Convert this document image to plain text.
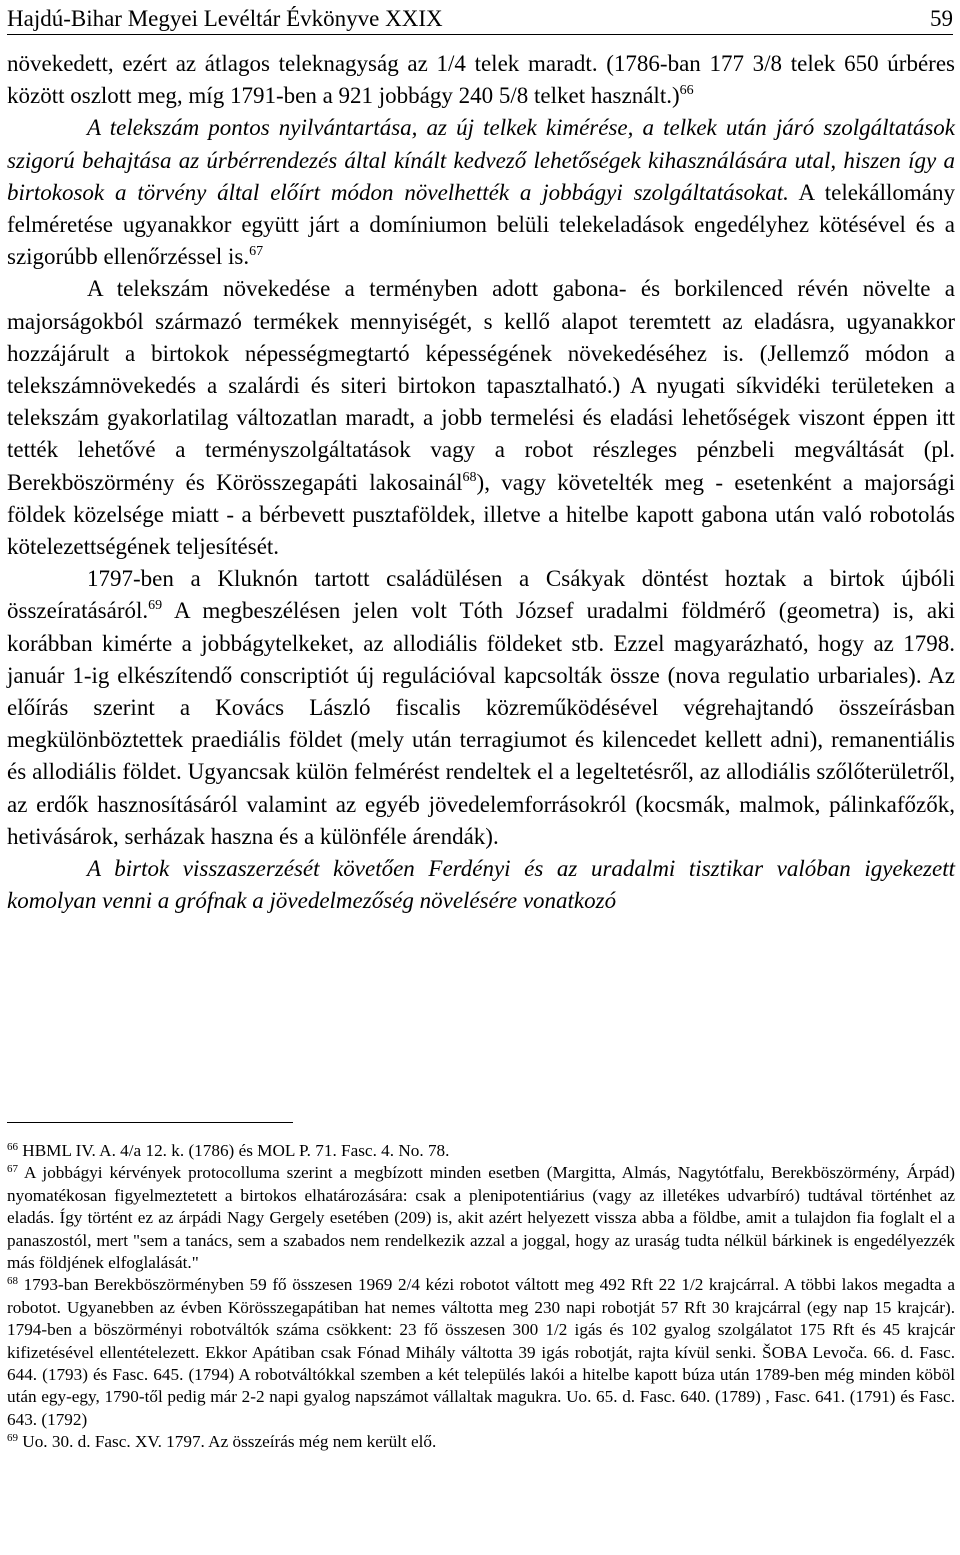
Hajdú-Bihar Megyei Levéltár Évkönyve XXIX	59

növekedett, ezért az átlagos teleknagyság az 1/4 telek maradt. (1786-ban 177 3/8 telek 650 úrbéres között oszlott meg, míg 1791-ben a 921 jobbágy 240 5/8 telket használt.)$^{66}$

A telekszám pontos nyilvántartása, az új telkek kimérése, a telkek után járó szolgáltatások szigorú behajtása az úrbérrendezés által kínált kedvező lehetőségek kihasználására utal, hiszen így a birtokosok a törvény által előírt módon növelhették a jobbágyi szolgáltatásokat. A telekállomány felméretése ugyanakkor együtt járt a domíniumon belüli telekeladások engedélyhez kötésével és a szigorúbb ellenőrzéssel is.$^{67}$

A telekszám növekedése a terményben adott gabona- és borkilenced révén növelte a majorságokból származó termékek mennyiségét, s kellő alapot teremtett az eladásra, ugyanakkor hozzájárult a birtokok népességmegtartó képességének növekedéséhez is. (Jellemző módon a telekszámnövekedés a szalárdi és siteri birtokon tapasztalható.) A nyugati síkvidéki területeken a telekszám gyakorlatilag változatlan maradt, a jobb termelési és eladási lehetőségek viszont éppen itt tették lehetővé a terményszolgáltatások vagy a robot részleges pénzbeli megváltását (pl. Berekböszörmény és Körösszegapáti lakosainál$^{68}$), vagy követelték meg - esetenként a majorsági földek közelsége miatt - a bérbevett pusztaföldek, illetve a hitelbe kapott gabona után való robotolás kötelezettségének teljesítését.

1797-ben a Kluknón tartott családülésen a Csákyak döntést hoztak a birtok újbóli összeíratásáról.$^{69}$ A megbeszélésen jelen volt Tóth József uradalmi földmérő (geometra) is, aki korábban kimérte a jobbágytelkeket, az allodiális földeket stb. Ezzel magyarázható, hogy az 1798. január 1-ig elkészítendő conscriptiót új regulációval kapcsolták össze (nova regulatio urbariales). Az előírás szerint a Kovács László fiscalis közreműködésével végrehajtandó összeírásban megkülönböztettek praediális földet (mely után terragiumot és kilencedet kellett adni), remanentiális és allodiális földet. Ugyancsak külön felmérést rendeltek el a legeltetésről, az allodiális szőlőterületről, az erdők hasznosításáról valamint az egyéb jövedelemforrásokról (kocsmák, malmok, pálinkafőzők, hetivásárok, serházak haszna és a különféle árendák).

A birtok visszaszerzését követően Ferdényi és az uradalmi tisztikar valóban igyekezett komolyan venni a grófnak a jövedelmezőség növelésére vonatkozó

$^{66}$ HBML IV. A. 4/a 12. k. (1786) és MOL P. 71. Fasc. 4. No. 78.

$^{67}$ A jobbágyi kérvények protocolluma szerint a megbízott minden esetben (Margitta, Almás, Nagytótfalu, Berekböszörmény, Árpád) nyomatékosan figyelmeztetett a birtokos elhatározására: csak a plenipotentiárius (vagy az illetékes udvarbíró) tudtával történhet az eladás. Így történt ez az árpádi Nagy Gergely esetében (209) is, akit azért helyezett vissza abba a földbe, amit a tulajdon fia foglalt el a panaszostól, mert "sem a tanács, sem a szabados nem rendelkezik azzal a joggal, hogy az uraság tudta nélkül bárkinek is engedélyezzék más földjének elfoglalását."

$^{68}$ 1793-ban Berekböszörményben 59 fő összesen 1969 2/4 kézi robotot váltott meg 492 Rft 22 1/2 krajcárral. A többi lakos megadta a robotot. Ugyanebben az évben Körösszegapátiban hat nemes váltotta meg 230 napi robotját 57 Rft 30 krajcárral (egy nap 15 krajcár). 1794-ben a böszörményi robotváltók száma csökkent: 23 fő összesen 300 1/2 igás és 102 gyalog szolgálatot 175 Rft és 45 krajcár kifizetésével ellentételezett. Ekkor Apátiban csak Fónad Mihály váltotta 39 igás robotját, rajta kívül senki. ŠOBA Levoča. 66. d. Fasc. 644. (1793) és Fasc. 645. (1794) A robotváltókkal szemben a két település lakói a hitelbe kapott búza után 1789-ben még minden köböl után egy-egy, 1790-től pedig már 2-2 napi gyalog napszámot vállaltak magukra. Uo. 65. d. Fasc. 640. (1789) , Fasc. 641. (1791) és Fasc. 643. (1792)

$^{69}$ Uo. 30. d. Fasc. XV. 1797. Az összeírás még nem került elő.
